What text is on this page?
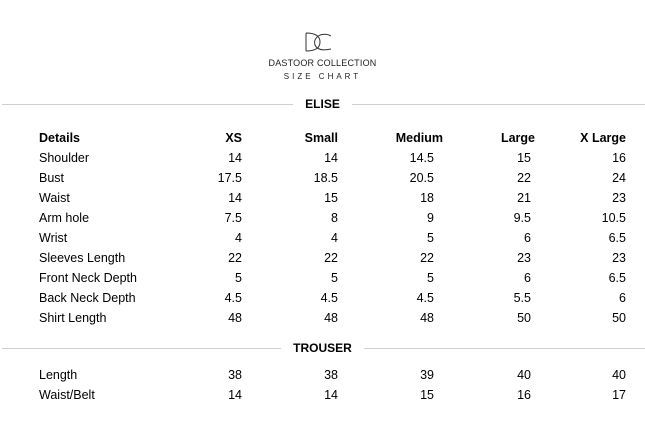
DASTOOR COLLECTION
SIZE CHART
ELISE
Details	XS	Small	Medium	Large	X Large
Shoulder	14	14	14.5	15	16
Bust	17.5	18.5	20.5	22	24
Waist	14	15	18	21	23
Arm hole	7.5	8	9	9.5	10.5
Wrist	4	4	5	6	6.5
Sleeves Length	22	22	22	23	23
Front Neck Depth	5	5	5	6	6.5
Back Neck Depth	4.5	4.5	4.5	5.5	6
Shirt Length	48	48	48	50	50
TROUSER
Length	38	38	39	40	40
Waist/Belt	14	14	15	16	17
